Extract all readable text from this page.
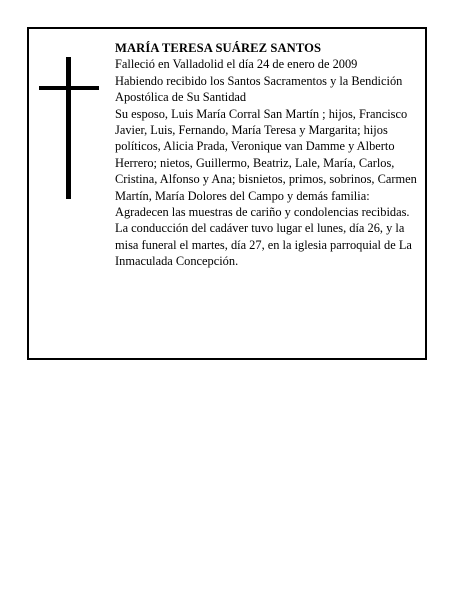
MARÍA TERESA SUÁREZ SANTOS

Falleció en Valladolid el día 24 de enero de 2009

Habiendo recibido los Santos Sacramentos y la Bendición Apostólica de Su Santidad

Su esposo, Luis María Corral San Martín ; hijos, Francisco Javier, Luis, Fernando, María Teresa y Margarita; hijos políticos, Alicia Prada, Veronique van Damme y Alberto Herrero; nietos, Guillermo, Beatriz, Lale, María, Carlos, Cristina, Alfonso y Ana; bisnietos, primos, sobrinos, Carmen Martín, María Dolores del Campo y demás familia:

Agradecen las muestras de cariño y condolencias recibidas.

La conducción del cadáver tuvo lugar el lunes, día 26, y la misa funeral el martes, día 27, en la iglesia parroquial de La Inmaculada Concepción.
